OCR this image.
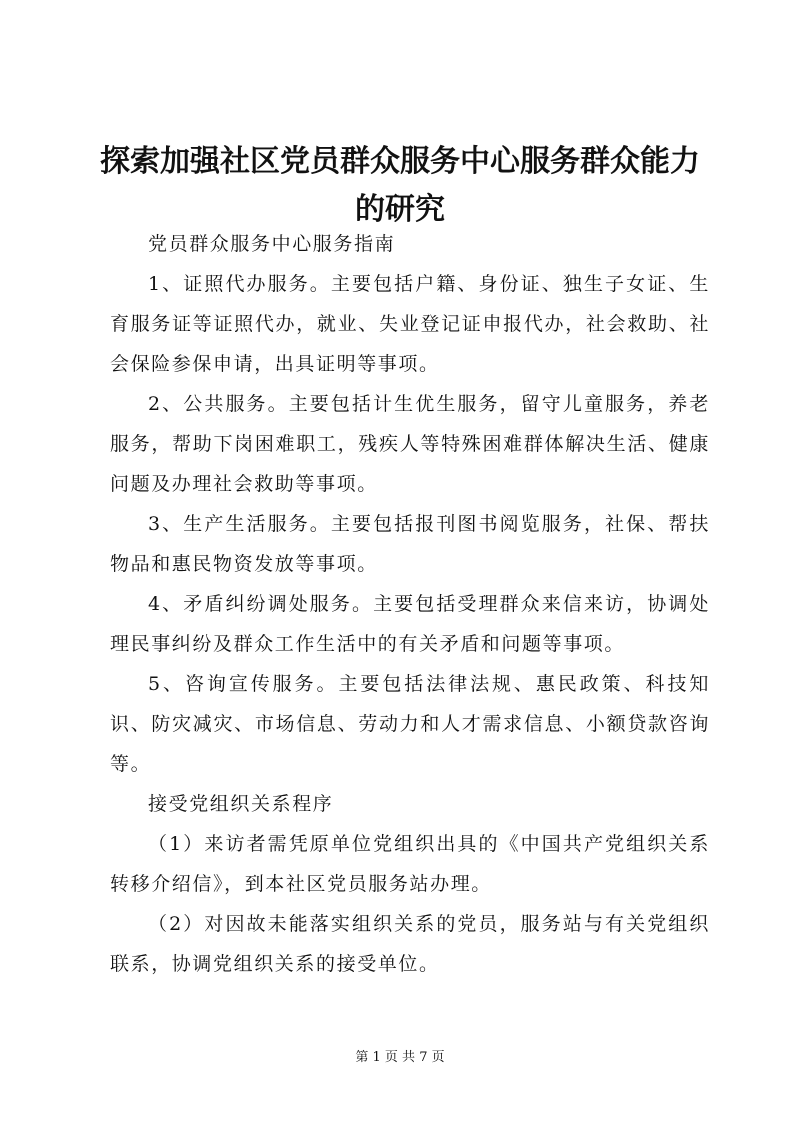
探索加强社区党员群众服务中心服务群众能力
的研究

党员群众服务中心服务指南

1、证照代办服务。主要包括户籍、身份证、独生子女证、生育服务证等证照代办，就业、失业登记证申报代办，社会救助、社会保险参保申请，出具证明等事项。

2、公共服务。主要包括计生优生服务，留守儿童服务，养老服务，帮助下岗困难职工，残疾人等特殊困难群体解决生活、健康问题及办理社会救助等事项。

3、生产生活服务。主要包括报刊图书阅览服务，社保、帮扶物品和惠民物资发放等事项。

4、矛盾纠纷调处服务。主要包括受理群众来信来访，协调处理民事纠纷及群众工作生活中的有关矛盾和问题等事项。

5、咨询宣传服务。主要包括法律法规、惠民政策、科技知识、防灾减灾、市场信息、劳动力和人才需求信息、小额贷款咨询等。

接受党组织关系程序

（1）来访者需凭原单位党组织出具的《中国共产党组织关系转移介绍信》，到本社区党员服务站办理。

（2）对因故未能落实组织关系的党员，服务站与有关党组织联系，协调党组织关系的接受单位。

第 1 页 共 7 页
